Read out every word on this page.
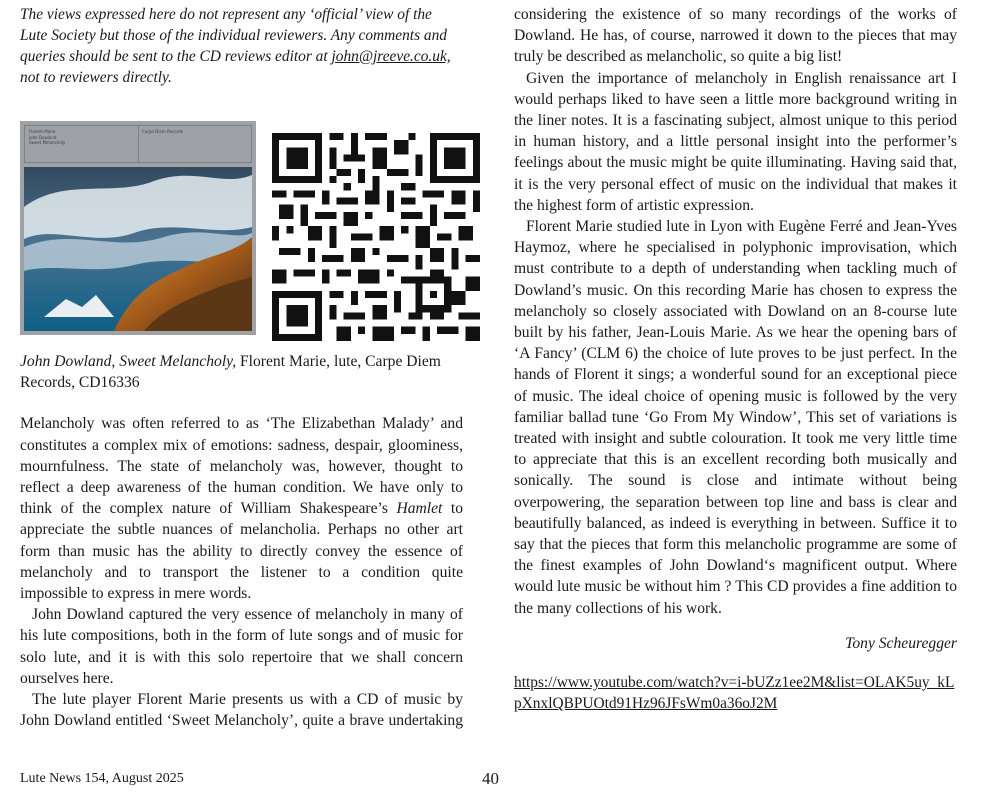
The views expressed here do not represent any ‘official’ view of the Lute Society but those of the individual reviewers. Any comments and queries should be sent to the CD reviews editor at john@jreeve.co.uk, not to reviewers directly.

Florent Marie
John Dowland
Sweet Melancholy
Carpe Diem Records

John Dowland, Sweet Melancholy, Florent Marie, lute, Carpe Diem Records, CD16336

Melancholy was often referred to as ‘The Elizabethan Malady’ and constitutes a complex mix of emotions: sadness, despair, gloominess, mournfulness. The state of melancholy was, however, thought to reflect a deep awareness of the human condition. We have only to think of the complex nature of William Shakespeare’s Hamlet to appreciate the subtle nuances of melancholia. Perhaps no other art form than music has the ability to directly convey the essence of melancholy and to transport the listener to a condition quite impossible to express in mere words.

John Dowland captured the very essence of melancholy in many of his lute compositions, both in the form of lute songs and of music for solo lute, and it is with this solo repertoire that we shall concern ourselves here.

The lute player Florent Marie presents us with a CD of music by John Dowland entitled ‘Sweet Melancholy’, quite a brave undertaking

considering the existence of so many recordings of the works of Dowland. He has, of course, narrowed it down to the pieces that may truly be described as melancholic, so quite a big list!

Given the importance of melancholy in English renaissance art I would perhaps liked to have seen a little more background writing in the liner notes. It is a fascinating subject, almost unique to this period in human history, and a little personal insight into the performer’s feelings about the music might be quite illuminating. Having said that, it is the very personal effect of music on the individual that makes it the highest form of artistic expression.

Florent Marie studied lute in Lyon with Eugène Ferré and Jean-Yves Haymoz, where he specialised in polyphonic improvisation, which must contribute to a depth of understanding when tackling much of Dowland’s music. On this recording Marie has chosen to express the melancholy so closely associated with Dowland on an 8-course lute built by his father, Jean-Louis Marie. As we hear the opening bars of ‘A Fancy’ (CLM 6) the choice of lute proves to be just perfect. In the hands of Florent it sings; a wonderful sound for an exceptional piece of music. The ideal choice of opening music is followed by the very familiar ballad tune ‘Go From My Window’, This set of variations is treated with insight and subtle colouration. It took me very little time to appreciate that this is an excellent recording both musically and sonically. The sound is close and intimate without being overpowering, the separation between top line and bass is clear and beautifully balanced, as indeed is everything in between. Suffice it to say that the pieces that form this melancholic programme are some of the finest examples of John Dowland‘s magnificent output. Where would lute music be without him ? This CD provides a fine addition to the many collections of his work.

Tony Scheuregger

https://www.youtube.com/watch?v=i-bUZz1ee2M&list=OLAK5uy_kLpXnxlQBPUOtd91Hz96JFsWm0a36oJ2M

Lute News 154, August 2025	40
